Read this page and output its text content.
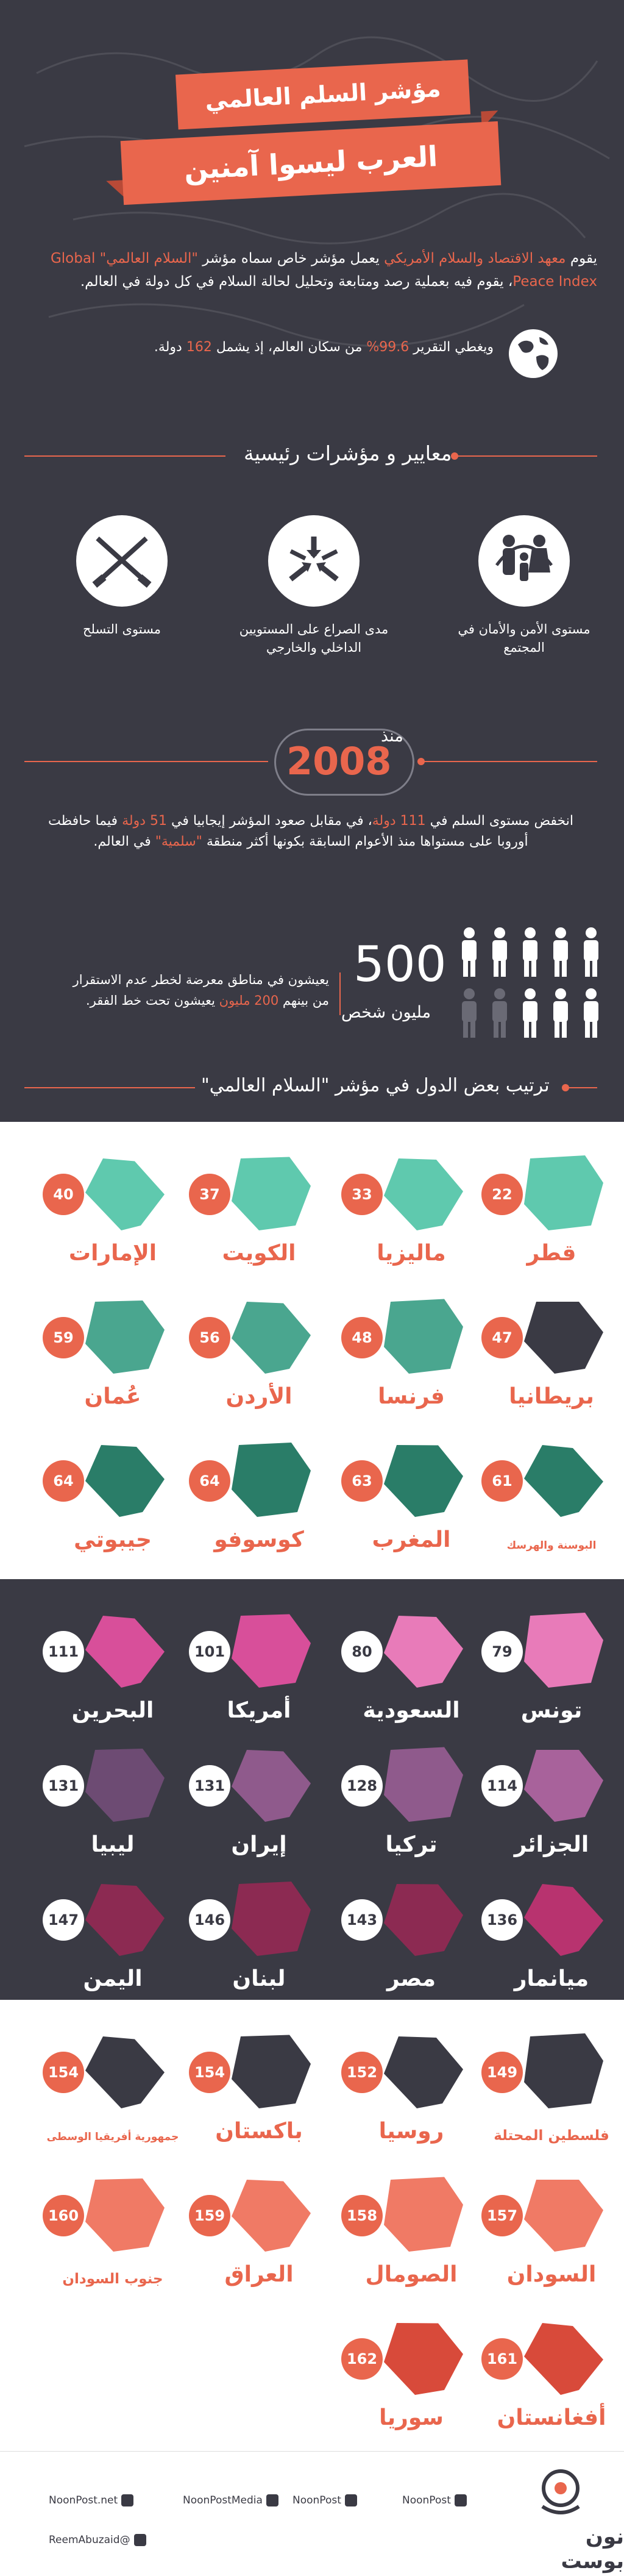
مؤشر السلم العالمي
العرب ليسوا آمنين
يقوم معهد الاقتصاد والسلام الأمريكي يعمل مؤشر خاص سماه مؤشر "السلام العالمي" Global Peace Index، يقوم فيه بعملية رصد ومتابعة وتحليل لحالة السلام في كل دولة في العالم.
ويغطي التقرير 99.6% من سكان العالم، إذ يشمل 162 دولة.
معايير و مؤشرات رئيسية
مستوى الأمن والأمان في المجتمع
مدى الصراع على المستويين الداخلي والخارجي
مستوى التسلح
منذ
2008
انخفض مستوى السلم في 111 دولة، في مقابل صعود المؤشر إيجابيا في 51 دولة فيما حافظت أوروبا على مستواها منذ الأعوام السابقة بكونها أكثر منطقة "سلمية" في العالم.
500
مليون شخص
يعيشون في مناطق معرضة لخطر عدم الاستقرار
من بينهم 200 مليون يعيشون تحت خط الفقر.
ترتيب بعض الدول في مؤشر "السلام العالمي"
22
قطر
33
ماليزيا
37
الكويت
40
الإمارات
47
بريطانيا
48
فرنسا
56
الأردن
59
عُمان
61
البوسنة والهرسك
63
المغرب
64
كوسوفو
64
جيبوتي
79
تونس
80
السعودية
101
أمريكا
111
البحرين
114
الجزائر
128
تركيا
131
إيران
131
ليبيا
136
ميانمار
143
مصر
146
لبنان
147
اليمن
149
فلسطين المحتلة
152
روسيا
154
باكستان
154
جمهورية أفريقيا الوسطى
157
السودان
158
الصومال
159
العراق
160
جنوب السودان
161
أفغانستان
162
سوريا
نون بوست
NoonPost
NoonPost
NoonPostMedia
NoonPost.net
@ReemAbuzaid
